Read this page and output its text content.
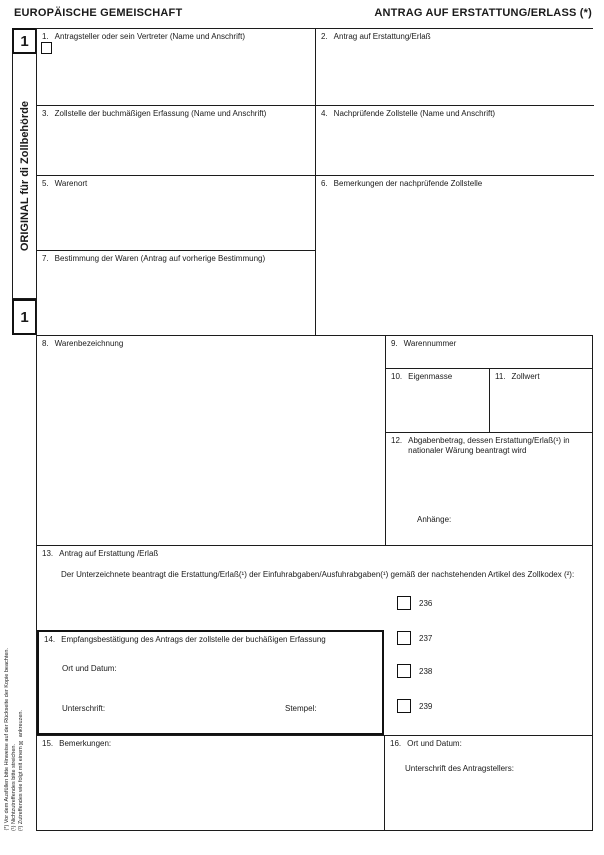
EUROPÄISCHE GEMEISCHAFT	ANTRAG AUF ERSTATTUNG/ERLASS (*)
1
ORIGINAL für di Zollbehörde
1
1. Antragsteller oder sein Vertreter (Name und Anschrift)	2. Antrag auf Erstattung/Erlaß
3. Zollstelle der buchmäßigen Erfassung (Name und Anschrift)	4. Nachprüfende Zollstelle (Name und Anschrift)
5. Warenort	6. Bemerkungen der nachprüfende Zollstelle
7. Bestimmung der Waren (Antrag auf vorherige Bestimmung)
8. Warenbezeichnung	9. Warennummer
10. Eigenmasse	11. Zollwert
12. Abgabenbetrag, dessen Erstattung/Erlaß(¹) in nationaler Wärung beantragt wird
Anhänge:
13. Antrag auf Erstattung /Erlaß
Der Unterzeichnete beantragt die Erstattung/Erlaß(¹) der Einfuhrabgaben/Ausfuhrabgaben(¹) gemäß der nachstehenden Artikel des Zollkodex (²):
236
237
238
239
14. Empfangsbestätigung des Antrags der zollstelle der buchäßigen Erfassung
Ort und Datum:
Unterschrift:	Stempel:
15. Bemerkungen:	16. Ort und Datum:
Unterschrift des Antragstellers:
(*) Vor dem Ausfüllen bitte Hinweise auf der Rückseite der Kopie beachten. (¹) Nichtzutreffendes bitte streichen. (²) Zutreffendes wie folgt mit einem ☒ ankreuzen.
